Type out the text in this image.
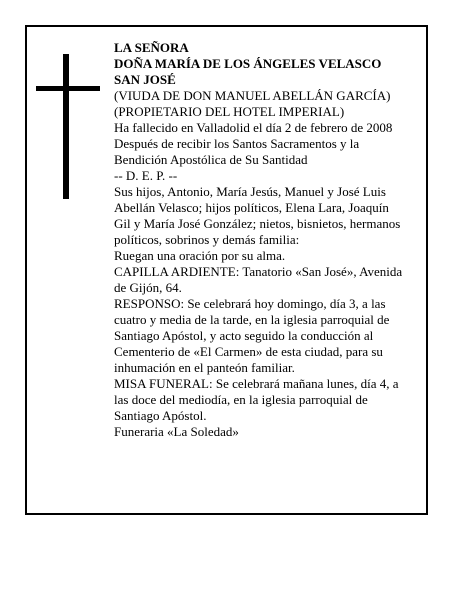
LA SEÑORA
DOÑA MARÍA DE LOS ÁNGELES VELASCO
SAN JOSÉ
(VIUDA DE DON MANUEL ABELLÁN GARCÍA)
(PROPIETARIO DEL HOTEL IMPERIAL)
Ha fallecido en Valladolid el día 2 de febrero de 2008
Después de recibir los Santos Sacramentos y la
Bendición Apostólica de Su Santidad
-- D. E. P. --
Sus hijos, Antonio, María Jesús, Manuel y José Luis
Abellán Velasco; hijos políticos, Elena Lara, Joaquín
Gil y María José González; nietos, bisnietos, hermanos
políticos, sobrinos y demás familia:
Ruegan una oración por su alma.
CAPILLA ARDIENTE: Tanatorio «San José», Avenida
de Gijón, 64.
RESPONSO: Se celebrará hoy domingo, día 3, a las
cuatro y media de la tarde, en la iglesia parroquial de
Santiago Apóstol, y acto seguido la conducción al
Cementerio de «El Carmen» de esta ciudad, para su
inhumación en el panteón familiar.
MISA FUNERAL: Se celebrará mañana lunes, día 4, a
las doce del mediodía, en la iglesia parroquial de
Santiago Apóstol.
Funeraria «La Soledad»
